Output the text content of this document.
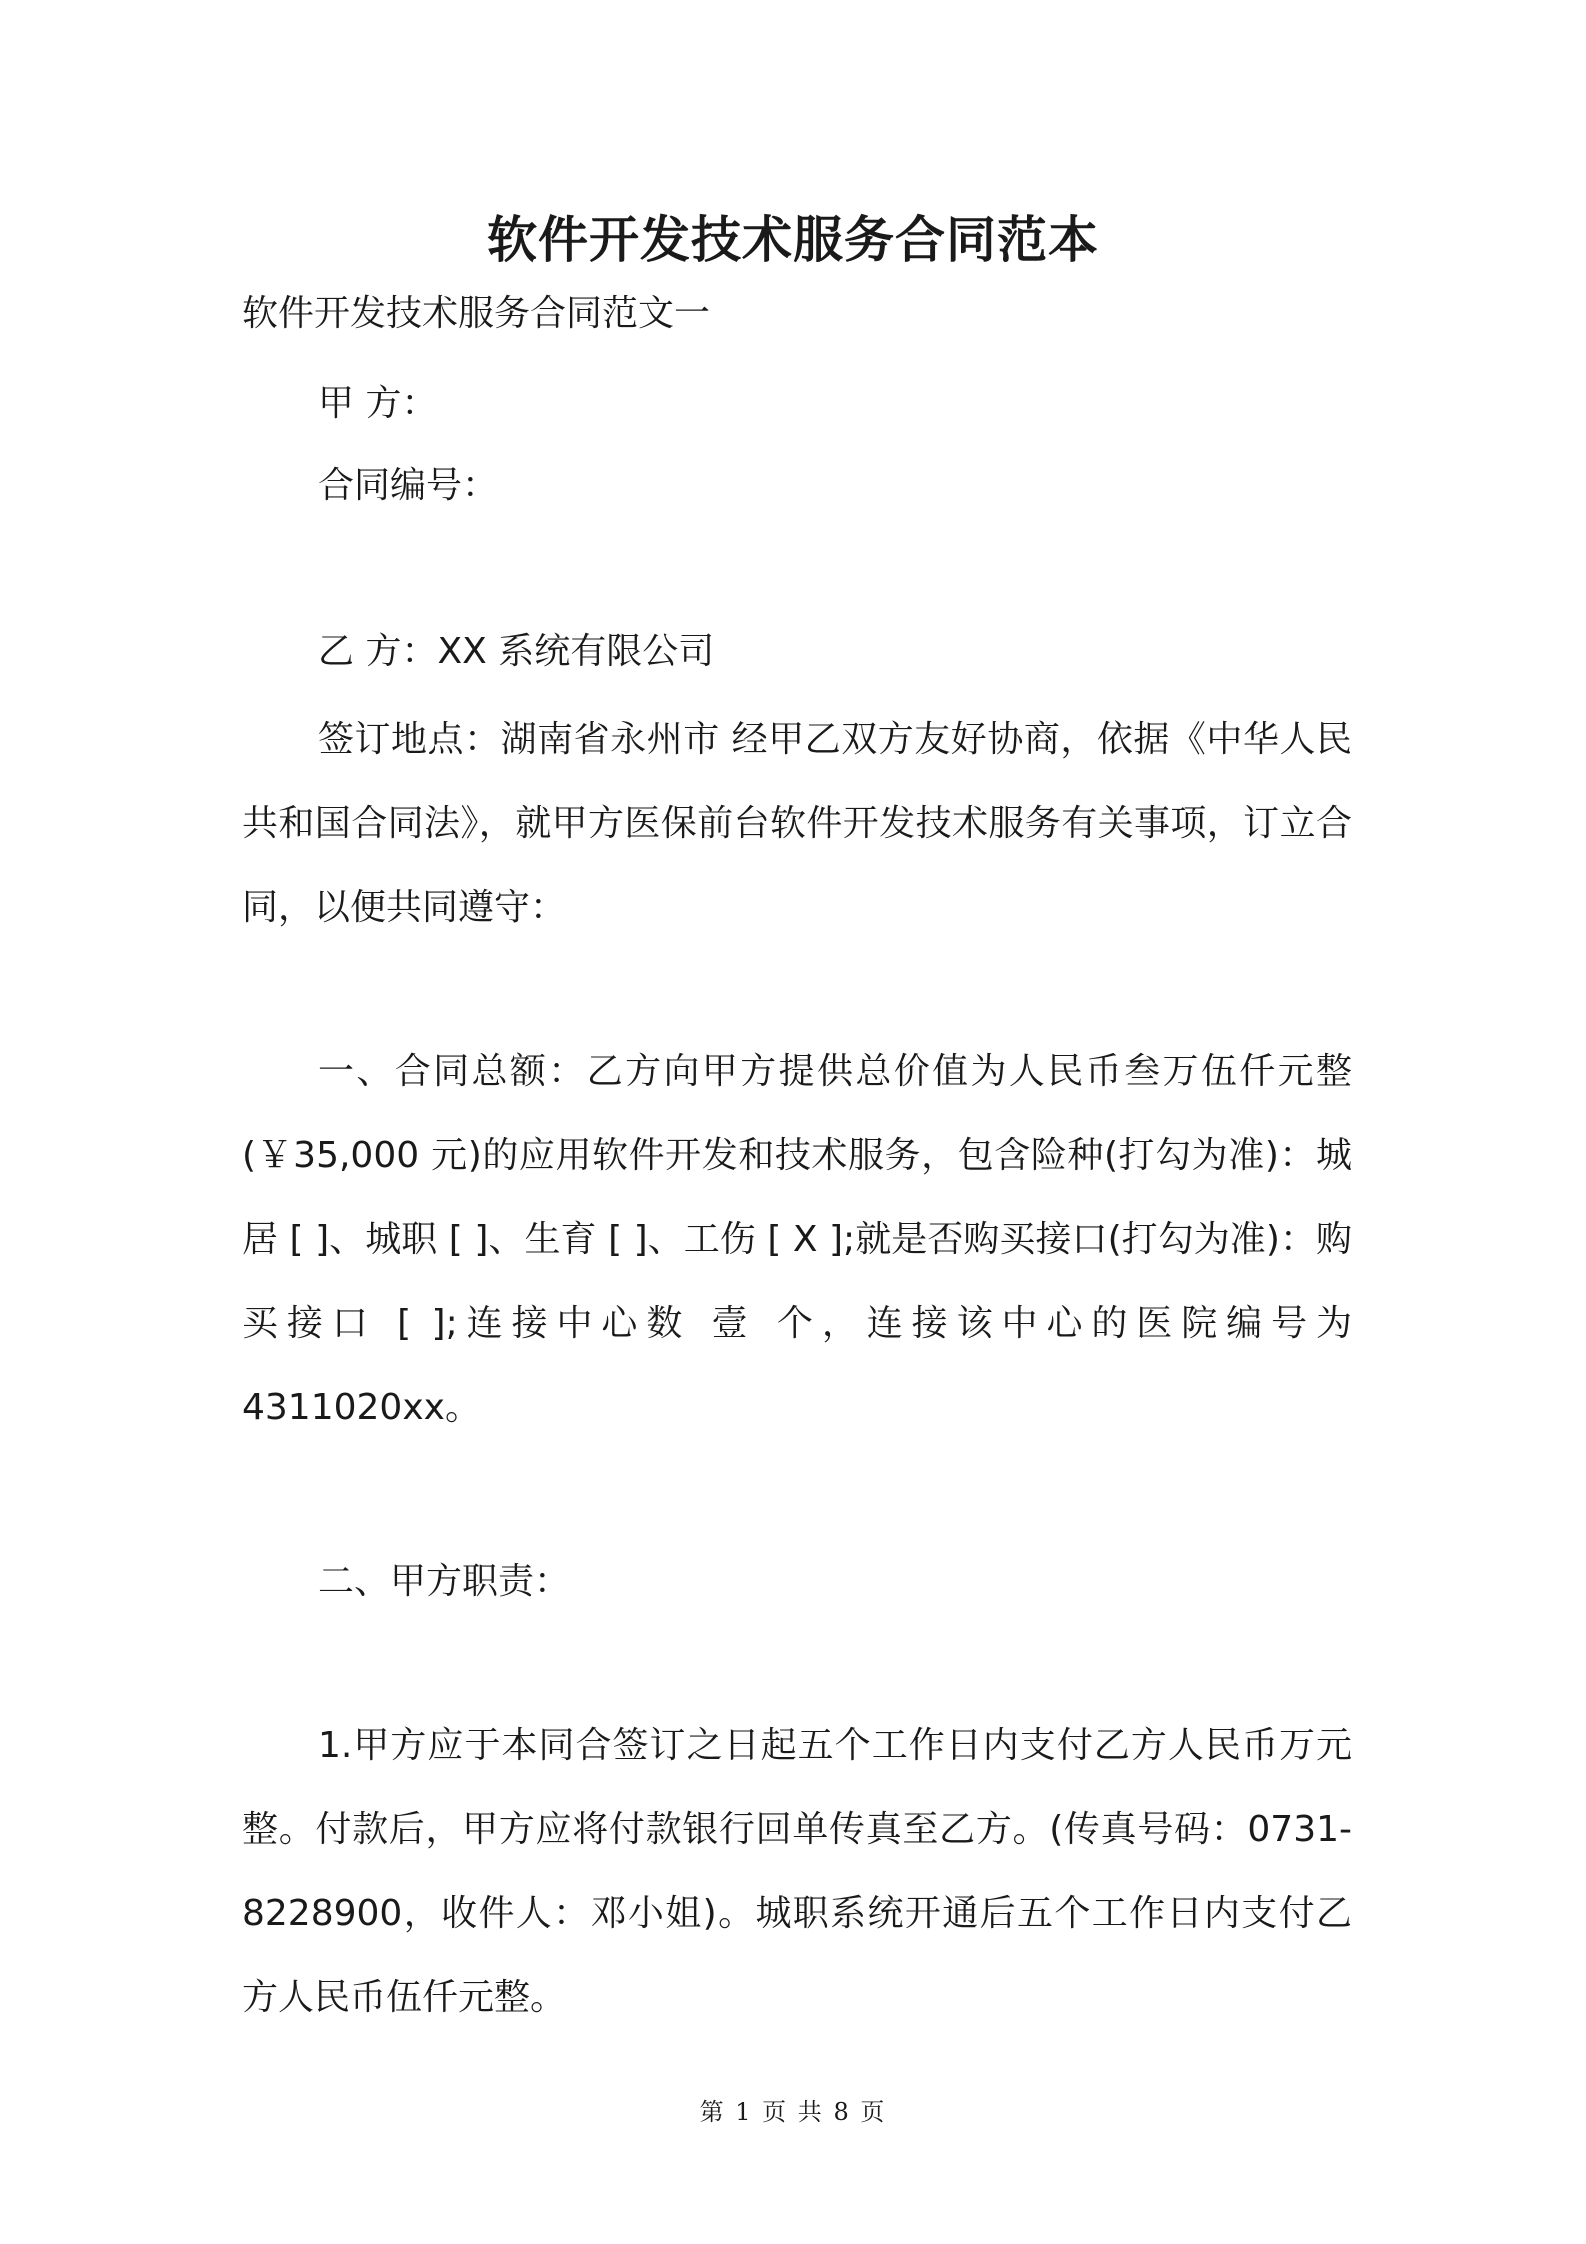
软件开发技术服务合同范本

软件开发技术服务合同范文一

甲 方：

合同编号：

乙 方：XX 系统有限公司

签订地点：湖南省永州市 经甲乙双方友好协商，依据《中华人民共和国合同法》，就甲方医保前台软件开发技术服务有关事项，订立合同，以便共同遵守：

一、合同总额：乙方向甲方提供总价值为人民币叁万伍仟元整(￥35,000 元)的应用软件开发和技术服务，包含险种(打勾为准)：城居 [ ]、城职 [ ]、生育 [ ]、工伤 [ X ];就是否购买接口(打勾为准)：购买接口 [ ];连接中心数 壹 个，连接该中心的医院编号为 4311020xx。

二、甲方职责：

1.甲方应于本同合签订之日起五个工作日内支付乙方人民币万元整。付款后，甲方应将付款银行回单传真至乙方。(传真号码：0731-8228900，收件人：邓小姐)。城职系统开通后五个工作日内支付乙方人民币伍仟元整。

第 1 页 共 8 页
